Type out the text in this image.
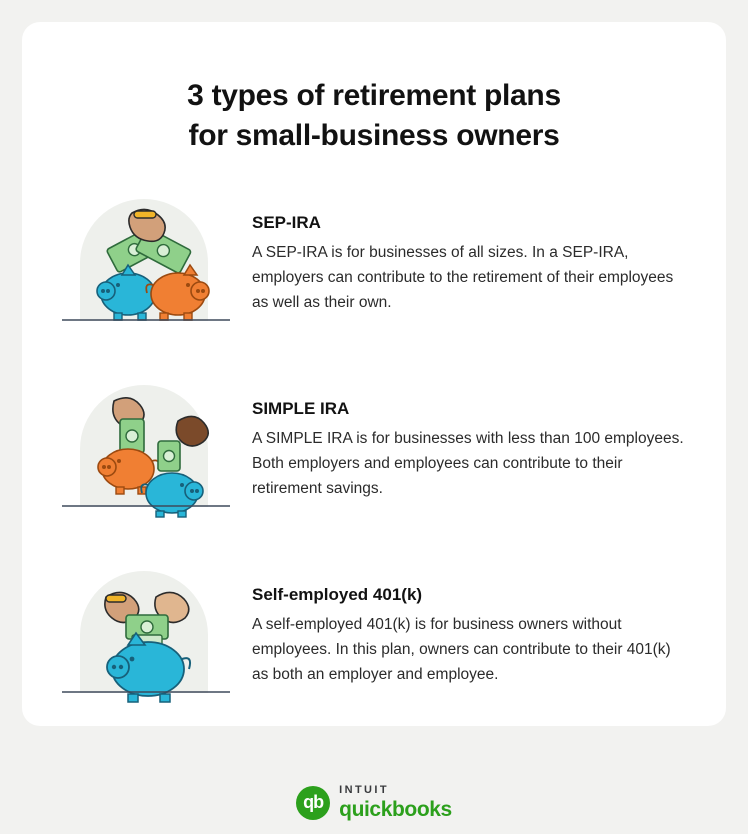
3 types of retirement plans
for small-business owners
SEP-IRA
A SEP-IRA is for businesses of all sizes. In a SEP-IRA, employers can contribute to the retirement of their employees as well as their own.
SIMPLE IRA
A SIMPLE IRA is for businesses with less than 100 employees. Both employers and employees can contribute to their retirement savings.
Self-employed 401(k)
A self-employed 401(k) is for business owners without employees. In this plan, owners can contribute to their 401(k) as both an employer and employee.
qb
INTUIT
quickbooks
